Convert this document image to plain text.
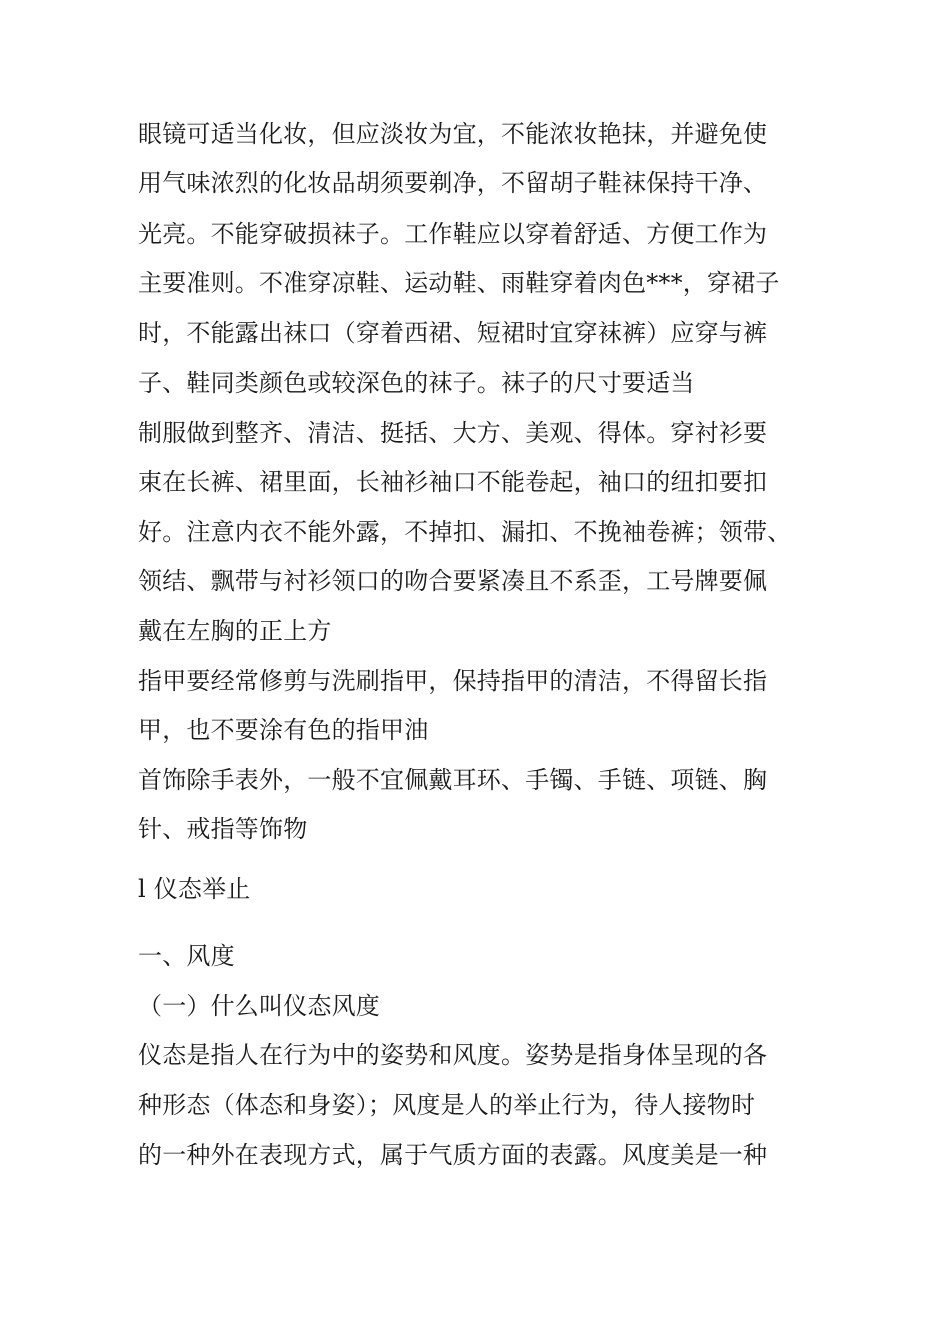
眼镜可适当化妆，但应淡妆为宜，不能浓妆艳抹，并避免使
用气味浓烈的化妆品胡须要剃净，不留胡子鞋袜保持干净、
光亮。不能穿破损袜子。工作鞋应以穿着舒适、方便工作为
主要准则。不准穿凉鞋、运动鞋、雨鞋穿着肉色***，穿裙子
时，不能露出袜口（穿着西裙、短裙时宜穿袜裤）应穿与裤
子、鞋同类颜色或较深色的袜子。袜子的尺寸要适当
制服做到整齐、清洁、挺括、大方、美观、得体。穿衬衫要
束在长裤、裙里面，长袖衫袖口不能卷起，袖口的纽扣要扣
好。注意内衣不能外露，不掉扣、漏扣、不挽袖卷裤；领带、
领结、飘带与衬衫领口的吻合要紧凑且不系歪，工号牌要佩
戴在左胸的正上方
指甲要经常修剪与洗刷指甲，保持指甲的清洁，不得留长指
甲，也不要涂有色的指甲油
首饰除手表外，一般不宜佩戴耳环、手镯、手链、项链、胸
针、戒指等饰物
l 仪态举止
一、风度
（一）什么叫仪态风度
仪态是指人在行为中的姿势和风度。姿势是指身体呈现的各
种形态（体态和身姿）；风度是人的举止行为，待人接物时
的一种外在表现方式，属于气质方面的表露。风度美是一种
